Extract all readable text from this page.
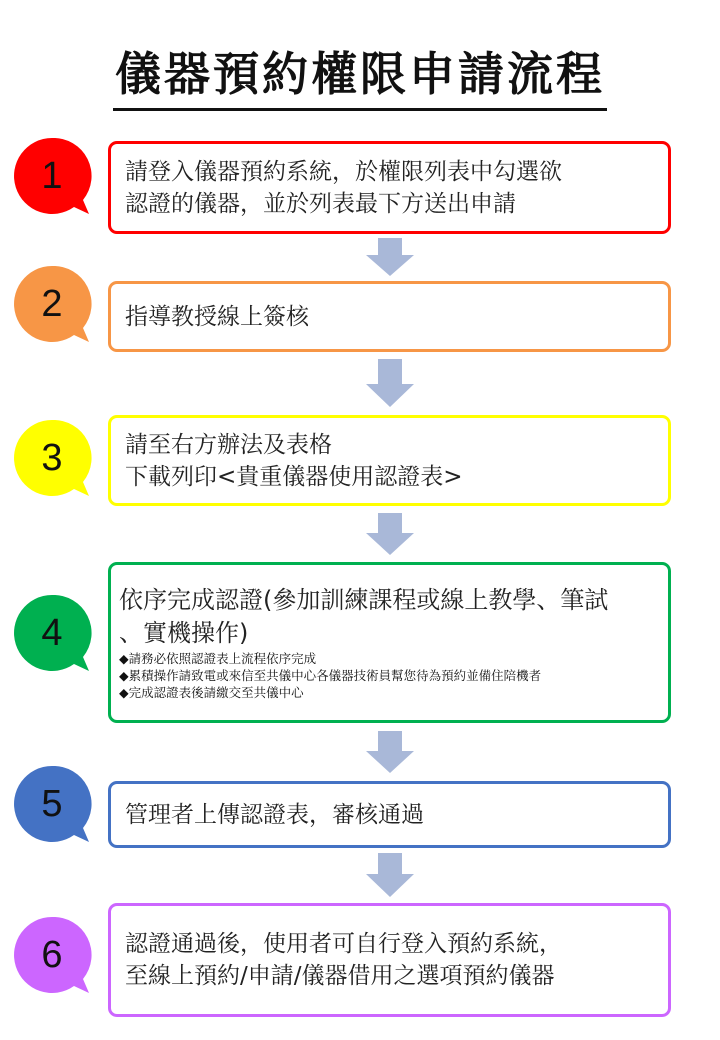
儀器預約權限申請流程
1	請登入儀器預約系統，於權限列表中勾選欲
認證的儀器，並於列表最下方送出申請
2	指導教授線上簽核
3	請至右方辦法及表格
下載列印<貴重儀器使用認證表>
4
依序完成認證(參加訓練課程或線上教學、筆試
、實機操作)
◆請務必依照認證表上流程依序完成
◆累積操作請致電或來信至共儀中心各儀器技術員幫您待為預約並備住陪機者
◆完成認證表後請繳交至共儀中心
5	管理者上傳認證表，審核通過
6	認證通過後，使用者可自行登入預約系統，
至線上預約/申請/儀器借用之選項預約儀器
